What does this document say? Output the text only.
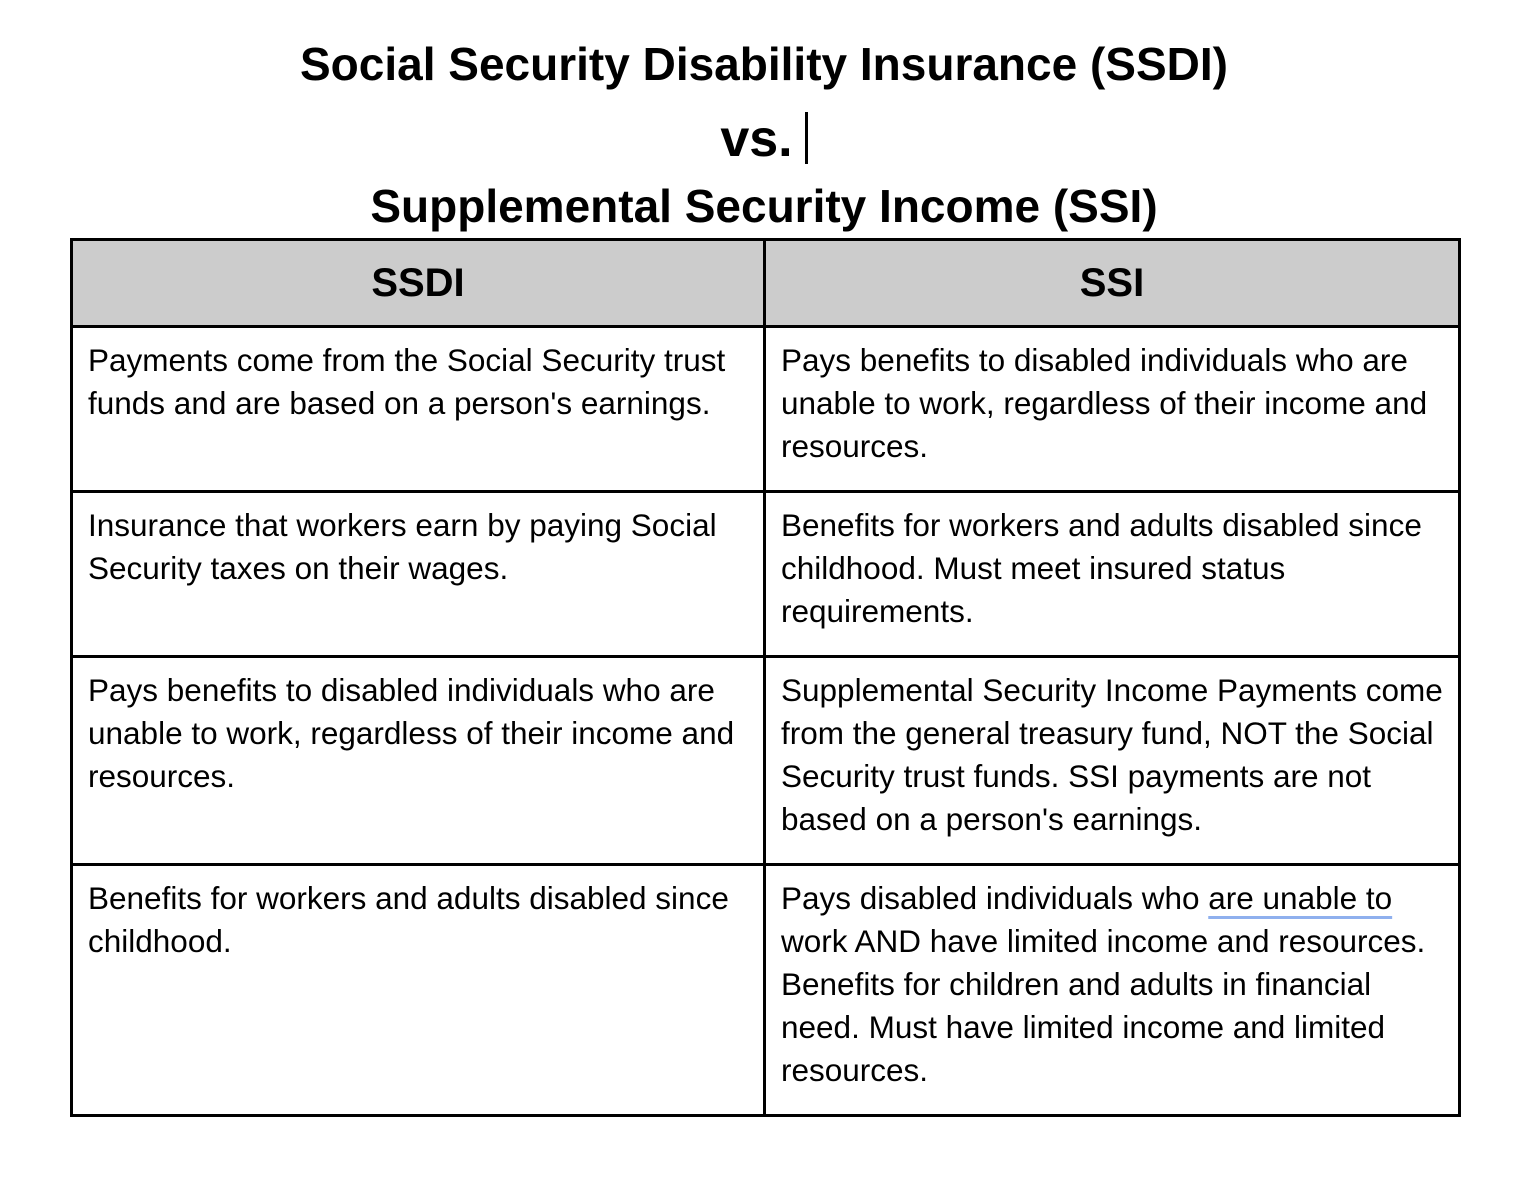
Social Security Disability Insurance (SSDI)
vs.
Supplemental Security Income (SSI)
SSDI	SSI
Payments come from the Social Security trust funds and are based on a person's earnings.	Pays benefits to disabled individuals who are unable to work, regardless of their income and resources.
Insurance that workers earn by paying Social Security taxes on their wages.	Benefits for workers and adults disabled since childhood. Must meet insured status requirements.
Pays benefits to disabled individuals who are unable to work, regardless of their income and resources.	Supplemental Security Income Payments come from the general treasury fund, NOT the Social Security trust funds. SSI payments are not based on a person's earnings.
Benefits for workers and adults disabled since childhood.	Pays disabled individuals who are unable to work AND have limited income and resources. Benefits for children and adults in financial need. Must have limited income and limited resources.
